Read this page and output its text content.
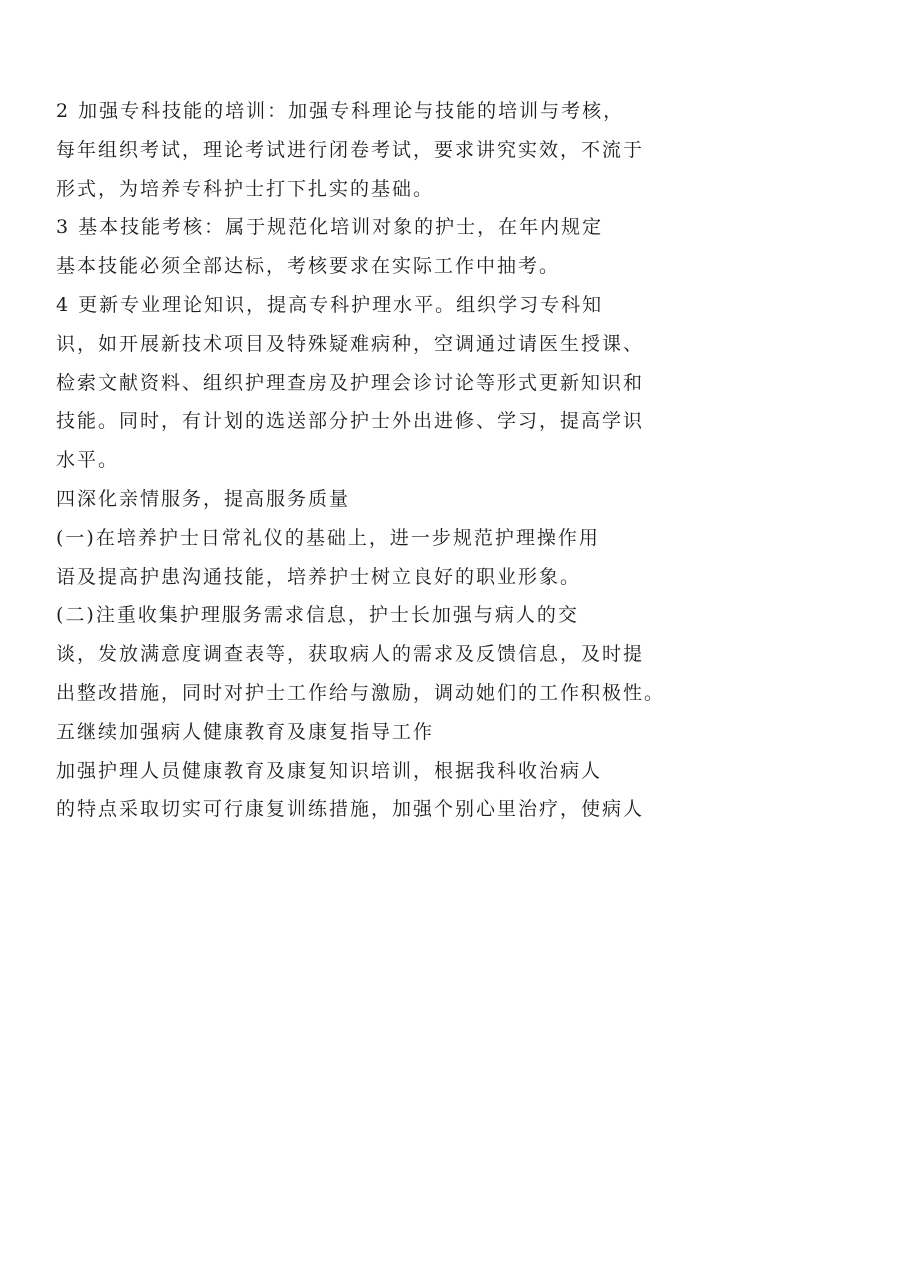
2 加强专科技能的培训：加强专科理论与技能的培训与考核，
每年组织考试，理论考试进行闭卷考试，要求讲究实效，不流于
形式，为培养专科护士打下扎实的基础。
3 基本技能考核：属于规范化培训对象的护士，在年内规定
基本技能必须全部达标，考核要求在实际工作中抽考。
4 更新专业理论知识，提高专科护理水平。组织学习专科知
识，如开展新技术项目及特殊疑难病种，空调通过请医生授课、
检索文献资料、组织护理查房及护理会诊讨论等形式更新知识和
技能。同时，有计划的选送部分护士外出进修、学习，提高学识
水平。
四深化亲情服务，提高服务质量
(一)在培养护士日常礼仪的基础上，进一步规范护理操作用
语及提高护患沟通技能，培养护士树立良好的职业形象。
(二)注重收集护理服务需求信息，护士长加强与病人的交
谈，发放满意度调查表等，获取病人的需求及反馈信息，及时提
出整改措施，同时对护士工作给与激励，调动她们的工作积极性。
五继续加强病人健康教育及康复指导工作
加强护理人员健康教育及康复知识培训，根据我科收治病人
的特点采取切实可行康复训练措施，加强个别心里治疗，使病人
